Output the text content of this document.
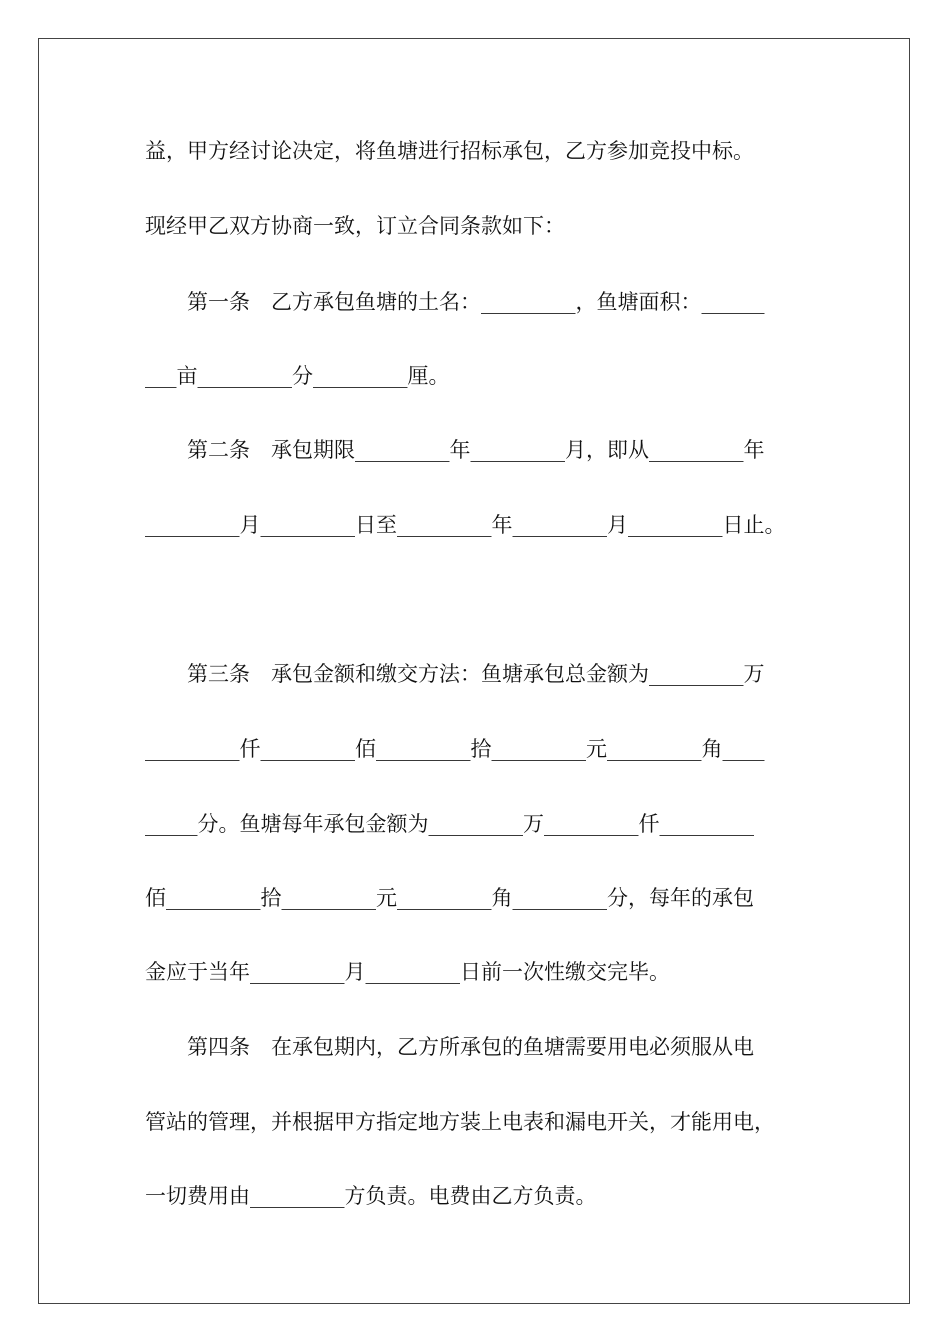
益，甲方经讨论决定，将鱼塘进行招标承包，乙方参加竞投中标。
现经甲乙双方协商一致，订立合同条款如下：
　　第一条　乙方承包鱼塘的土名：_________，鱼塘面积：______
___亩_________分_________厘。
　　第二条　承包期限_________年_________月，即从_________年
_________月_________日至_________年_________月_________日止。
　　第三条　承包金额和缴交方法：鱼塘承包总金额为_________万
_________仟_________佰_________拾_________元_________角____
_____分。鱼塘每年承包金额为_________万_________仟_________
佰_________拾_________元_________角_________分，每年的承包
金应于当年_________月_________日前一次性缴交完毕。
　　第四条　在承包期内，乙方所承包的鱼塘需要用电必须服从电
管站的管理，并根据甲方指定地方装上电表和漏电开关，才能用电，
一切费用由_________方负责。电费由乙方负责。
